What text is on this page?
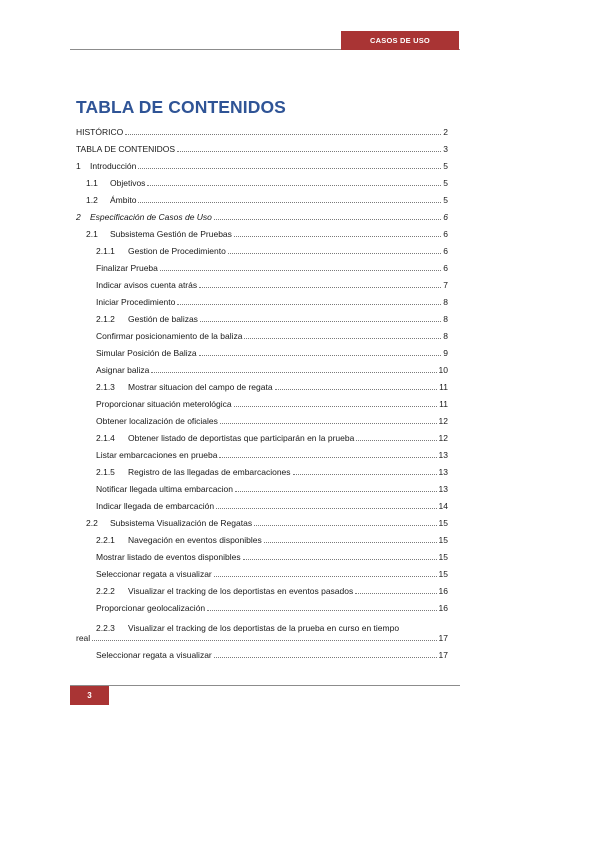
CASOS DE USO
TABLA DE CONTENIDOS
HISTÓRICO	2
TABLA DE CONTENIDOS	3
1	Introducción	5
1.1	Objetivos	5
1.2	Ámbito	5
2	Especificación de Casos de Uso	6
2.1	Subsistema Gestión de Pruebas	6
2.1.1	Gestion de Procedimiento	6
Finalizar Prueba	6
Indicar avisos cuenta atrás	7
Iniciar Procedimiento	8
2.1.2	Gestión de balizas	8
Confirmar posicionamiento de la baliza	8
Simular Posición de Baliza	9
Asignar baliza	10
2.1.3	Mostrar situacion del campo de regata	11
Proporcionar situación meterológica	11
Obtener localización de oficiales	12
2.1.4	Obtener listado de deportistas que participarán en la prueba	12
Listar embarcaciones en prueba	13
2.1.5	Registro de las llegadas de embarcaciones	13
Notificar llegada ultima embarcacion	13
Indicar llegada de embarcación	14
2.2	Subsistema Visualización de Regatas	15
2.2.1	Navegación en eventos disponibles	15
Mostrar listado de eventos disponibles	15
Seleccionar regata a visualizar	15
2.2.2	Visualizar el tracking de los deportistas en eventos pasados	16
Proporcionar geolocalización	16
2.2.3	Visualizar el tracking de los deportistas de la prueba en curso en tiempo
real	17
Seleccionar regata a visualizar	17
3
